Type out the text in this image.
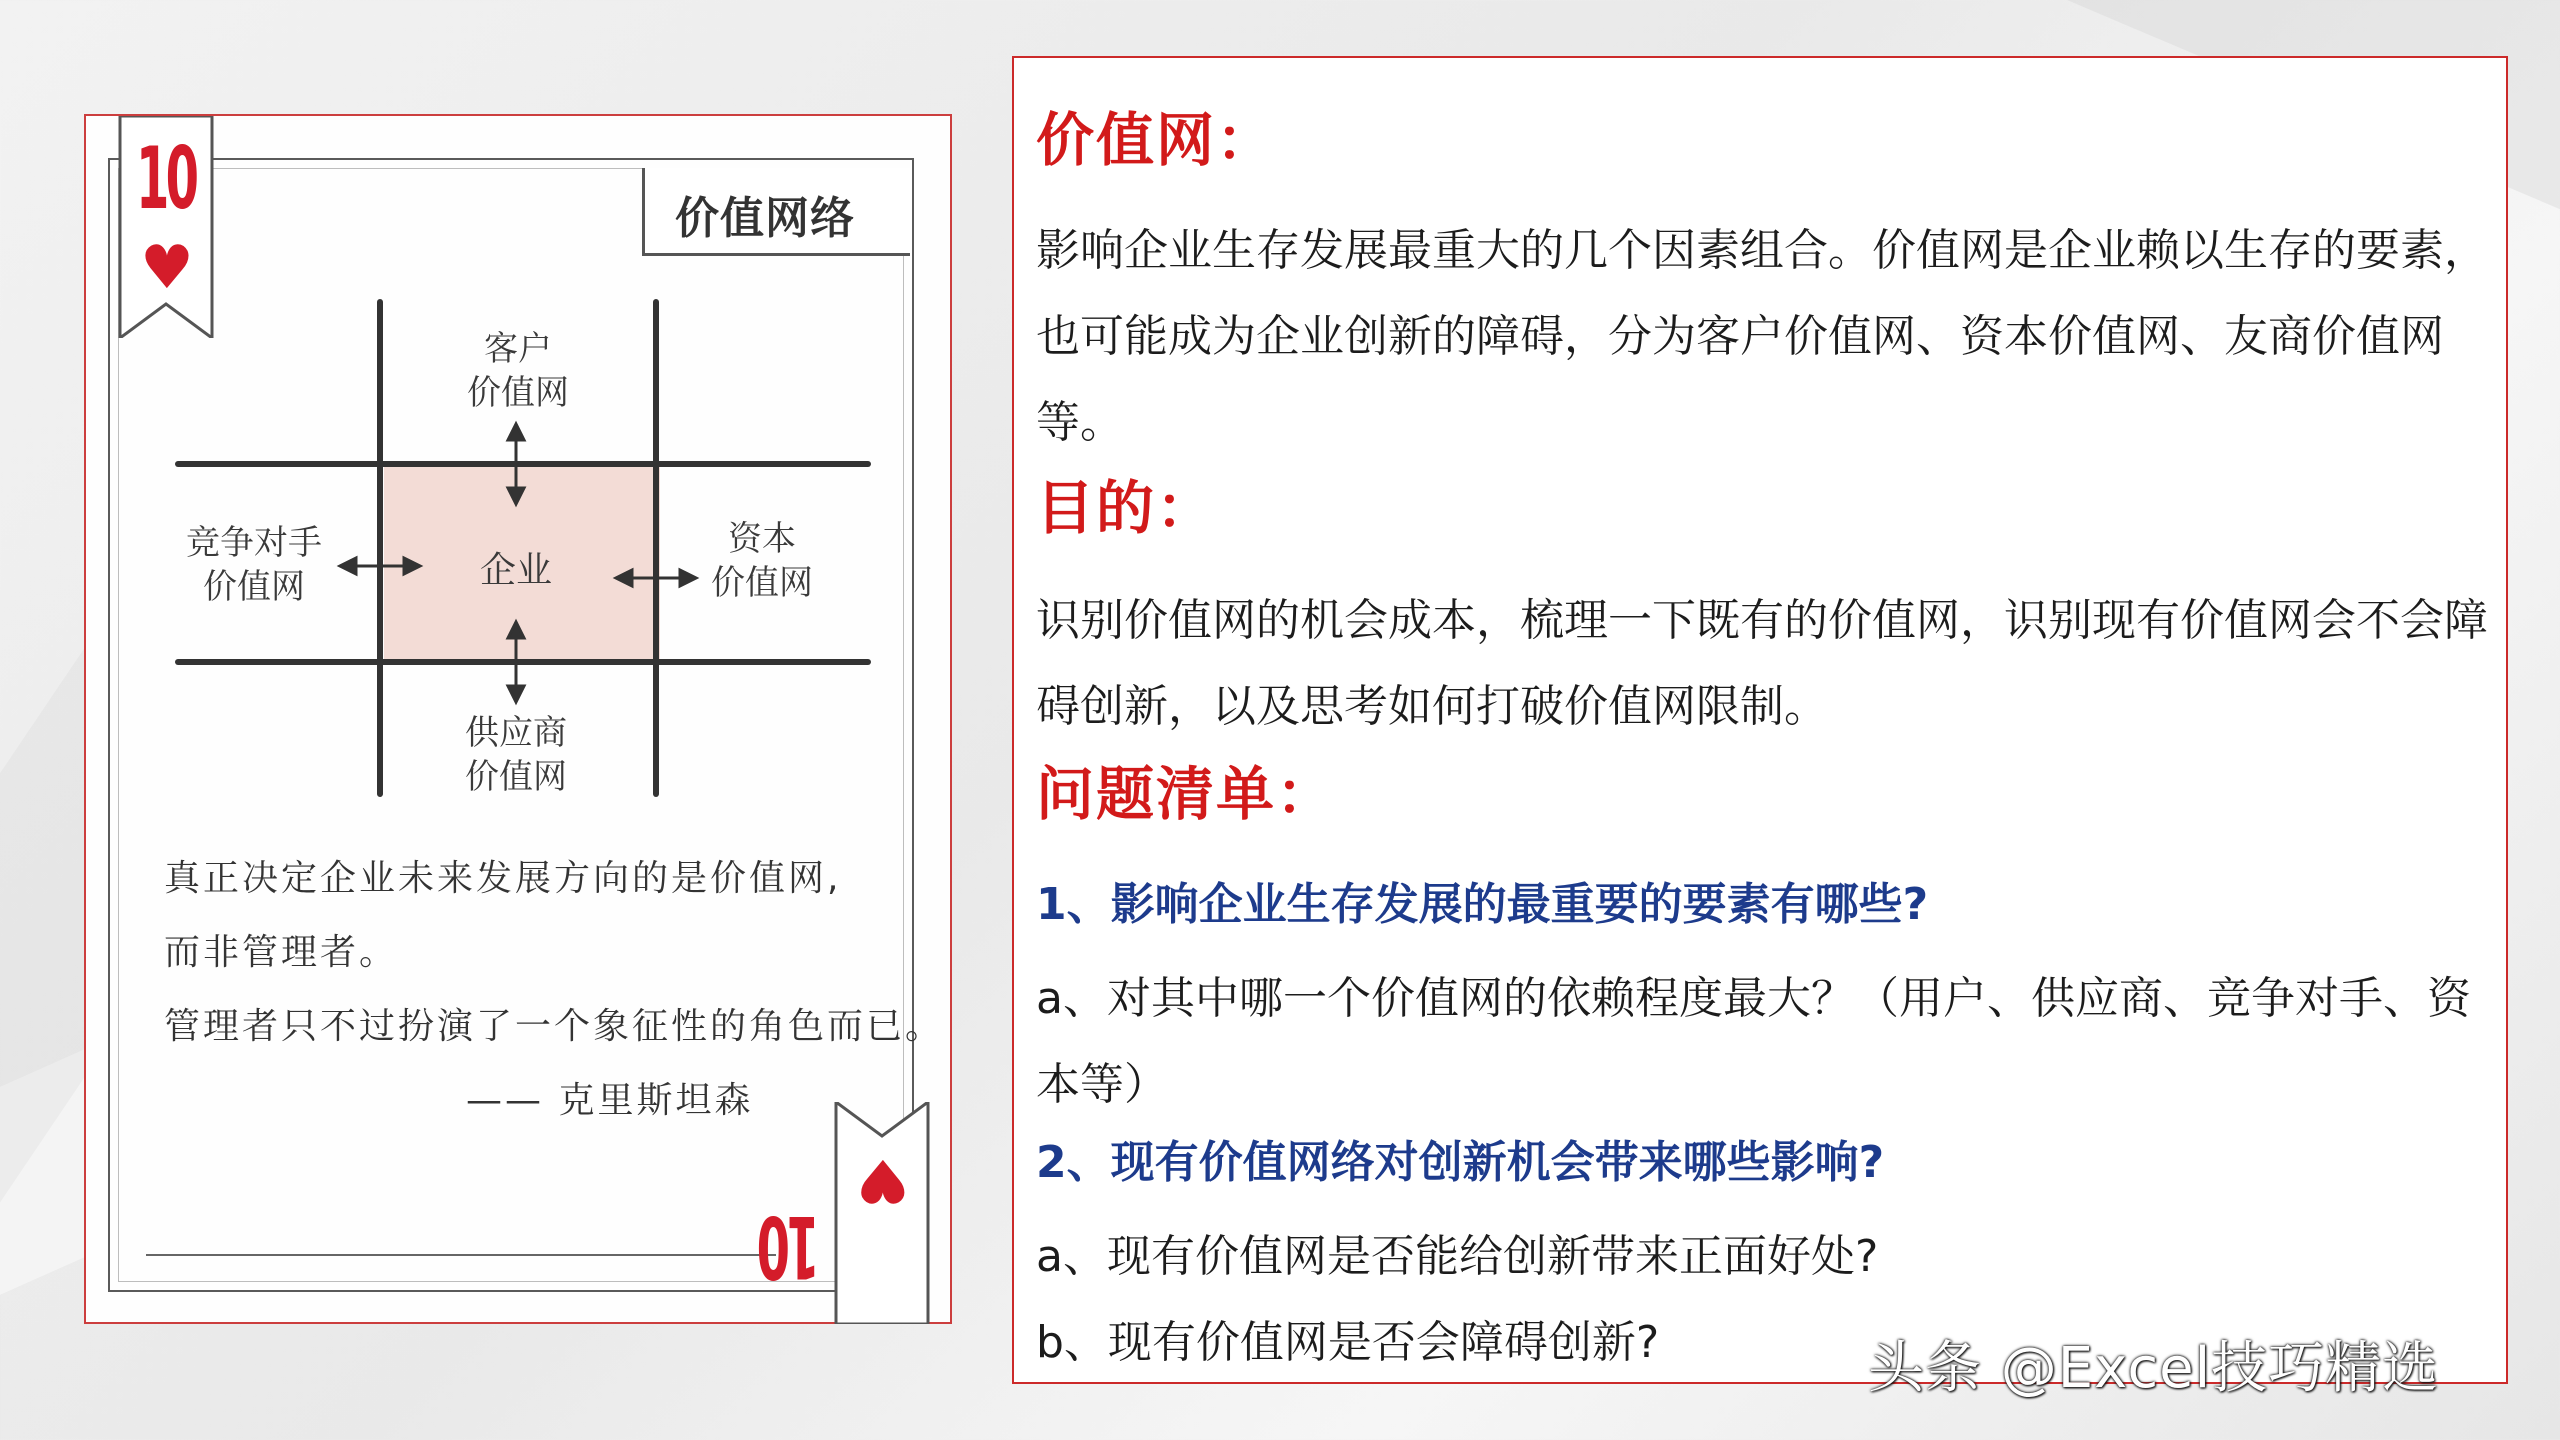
10
♥
♥
价值网络
真正决定企业未来发展方向的是价值网,
而非管理者。
管理者只不过扮演了一个象征性的角色而已。
—— 克里斯坦森
10
客户
价值网
竞争对手
价值网	企业
资本
价值网
供应商
价值网
价值网：
影响企业生存发展最重大的几个因素组合。价值网是企业赖以生存的要素，也可能成为企业创新的障碍，分为客户价值网、资本价值网、友商价值网等。
目的：
识别价值网的机会成本，梳理一下既有的价值网，识别现有价值网会不会障碍创新，以及思考如何打破价值网限制。
问题清单：
1、影响企业生存发展的最重要的要素有哪些?
a、对其中哪一个价值网的依赖程度最大？（用户、供应商、竞争对手、资本等）
2、现有价值网络对创新机会带来哪些影响?
a、现有价值网是否能给创新带来正面好处?
b、现有价值网是否会障碍创新?	头条 @Excel技巧精选
